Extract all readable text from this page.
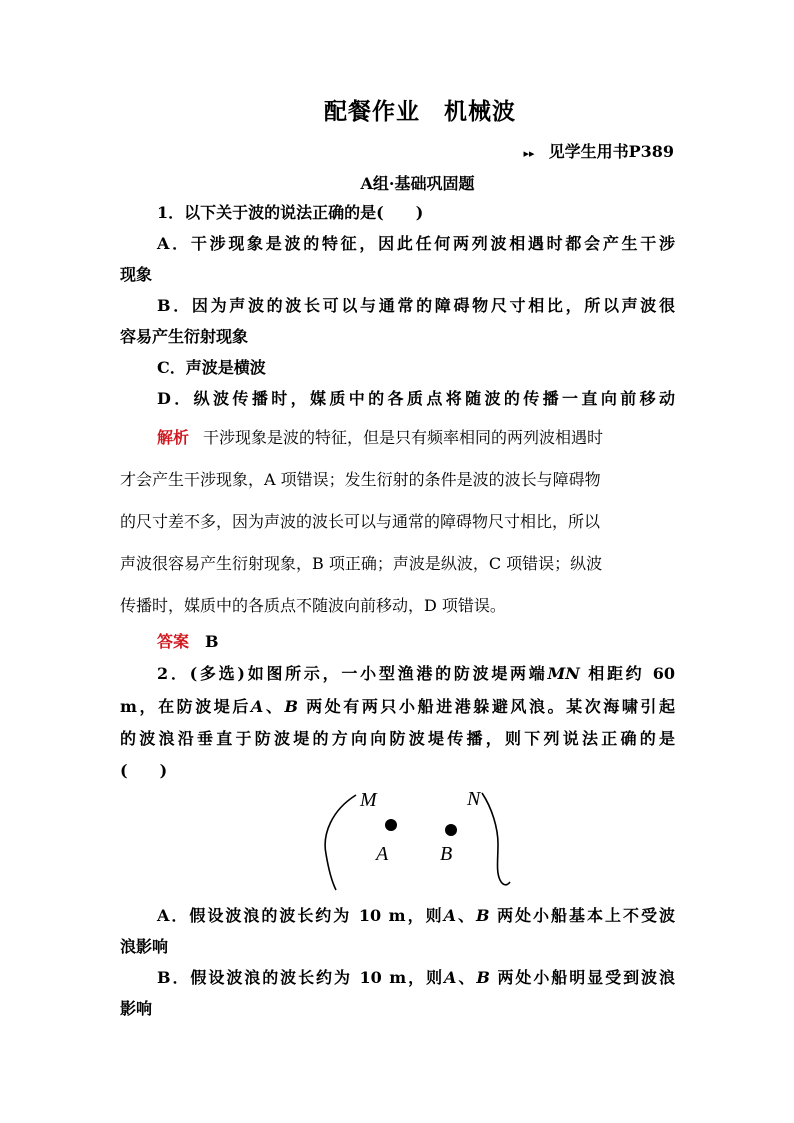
配餐作业　机械波
▸▸ 见学生用书P389
A组·基础巩固题
1．以下关于波的说法正确的是(　　)
A．干涉现象是波的特征，因此任何两列波相遇时都会产生干涉
现象
B．因为声波的波长可以与通常的障碍物尺寸相比，所以声波很
容易产生衍射现象
C．声波是横波
D．纵波传播时，媒质中的各质点将随波的传播一直向前移动
解析 干涉现象是波的特征，但是只有频率相同的两列波相遇时
才会产生干涉现象，A 项错误；发生衍射的条件是波的波长与障碍物
的尺寸差不多，因为声波的波长可以与通常的障碍物尺寸相比，所以
声波很容易产生衍射现象，B 项正确；声波是纵波，C 项错误；纵波
传播时，媒质中的各质点不随波向前移动，D 项错误。
答案 B
2．(多选)如图所示，一小型渔港的防波堤两端MN 相距约 60
m，在防波堤后A、B 两处有两只小船进港躲避风浪。某次海啸引起
的波浪沿垂直于防波堤的方向向防波堤传播，则下列说法正确的是
(　　)
M	N
A	B
A．假设波浪的波长约为 10 m，则A、B 两处小船基本上不受波
浪影响
B．假设波浪的波长约为 10 m，则A、B 两处小船明显受到波浪
影响
